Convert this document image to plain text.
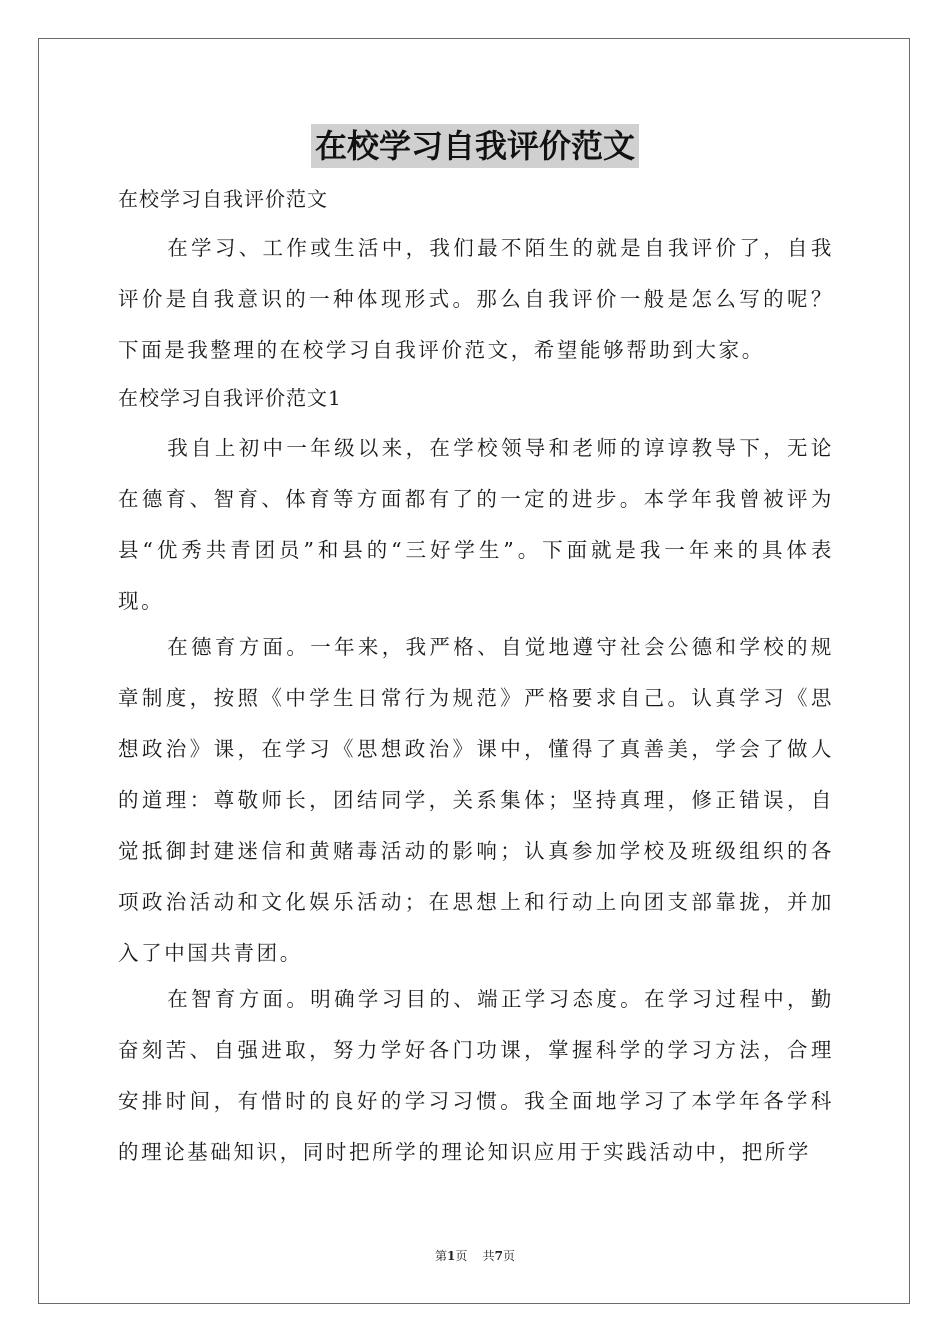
在校学习自我评价范文
在校学习自我评价范文

在学习、工作或生活中，我们最不陌生的就是自我评价了，自我评价是自我意识的一种体现形式。那么自我评价一般是怎么写的呢？下面是我整理的在校学习自我评价范文，希望能够帮助到大家。

在校学习自我评价范文1

我自上初中一年级以来，在学校领导和老师的谆谆教导下，无论在德育、智育、体育等方面都有了的一定的进步。本学年我曾被评为县“优秀共青团员”和县的“三好学生”。下面就是我一年来的具体表现。

在德育方面。一年来，我严格、自觉地遵守社会公德和学校的规章制度，按照《中学生日常行为规范》严格要求自己。认真学习《思想政治》课，在学习《思想政治》课中，懂得了真善美，学会了做人的道理：尊敬师长，团结同学，关系集体；坚持真理，修正错误，自觉抵御封建迷信和黄赌毒活动的影响；认真参加学校及班级组织的各项政治活动和文化娱乐活动；在思想上和行动上向团支部靠拢，并加入了中国共青团。

在智育方面。明确学习目的、端正学习态度。在学习过程中，勤奋刻苦、自强进取，努力学好各门功课，掌握科学的学习方法，合理安排时间，有惜时的良好的学习习惯。我全面地学习了本学年各学科的理论基础知识，同时把所学的理论知识应用于实践活动中，把所学

第1页 共7页
